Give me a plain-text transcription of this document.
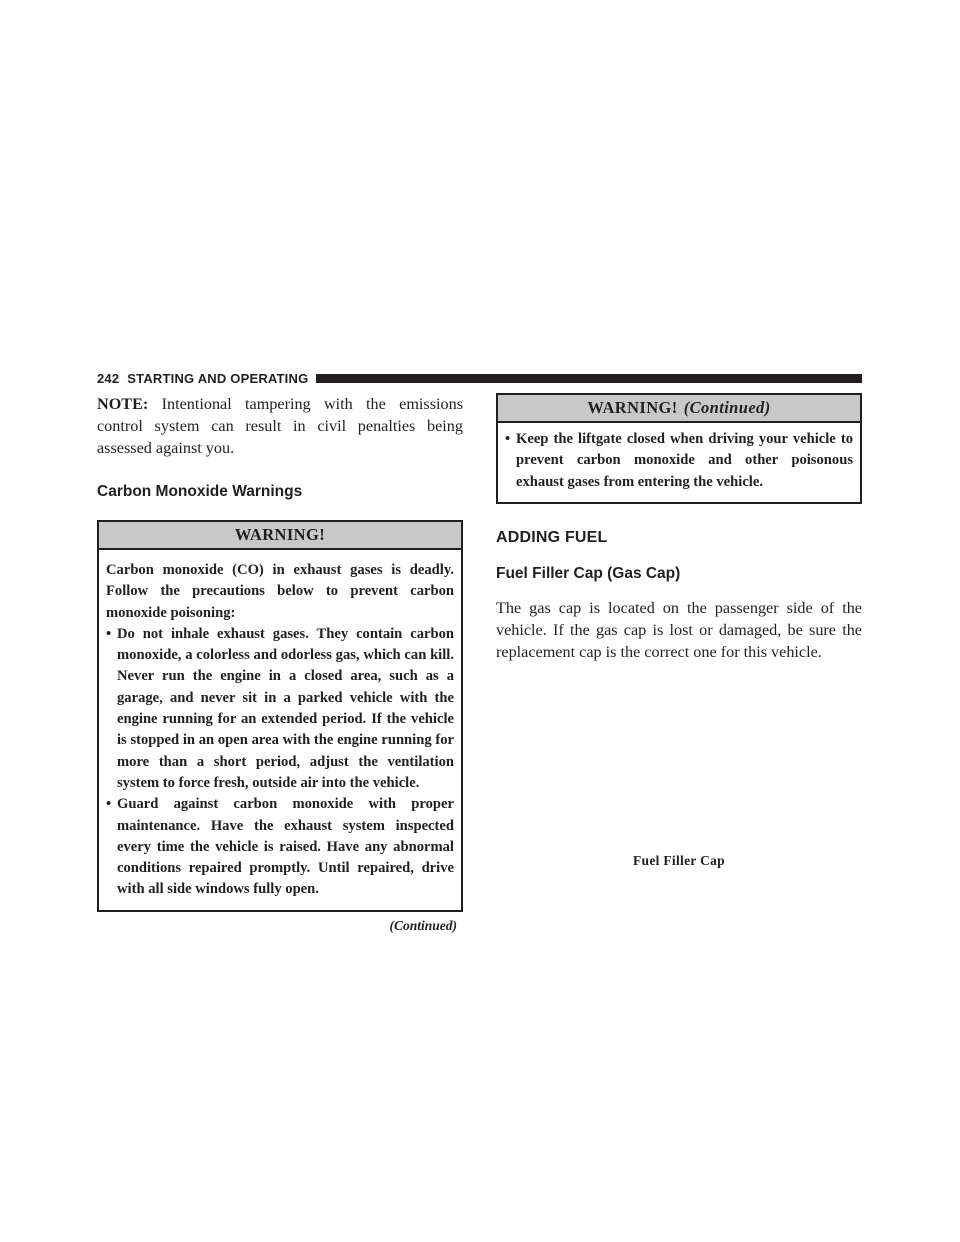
242 STARTING AND OPERATING

NOTE: Intentional tampering with the emissions control system can result in civil penalties being assessed against you.

Carbon Monoxide Warnings
WARNING!

Carbon monoxide (CO) in exhaust gases is deadly. Follow the precautions below to prevent carbon monoxide poisoning:

• Do not inhale exhaust gases. They contain carbon monoxide, a colorless and odorless gas, which can kill. Never run the engine in a closed area, such as a garage, and never sit in a parked vehicle with the engine running for an extended period. If the vehicle is stopped in an open area with the engine running for more than a short period, adjust the ventilation system to force fresh, outside air into the vehicle.
• Guard against carbon monoxide with proper maintenance. Have the exhaust system inspected every time the vehicle is raised. Have any abnormal conditions repaired promptly. Until repaired, drive with all side windows fully open.
(Continued)
WARNING! (Continued)
• Keep the liftgate closed when driving your vehicle to prevent carbon monoxide and other poisonous exhaust gases from entering the vehicle.
ADDING FUEL
Fuel Filler Cap (Gas Cap)

The gas cap is located on the passenger side of the vehicle. If the gas cap is lost or damaged, be sure the replacement cap is the correct one for this vehicle.

Fuel Filler Cap
